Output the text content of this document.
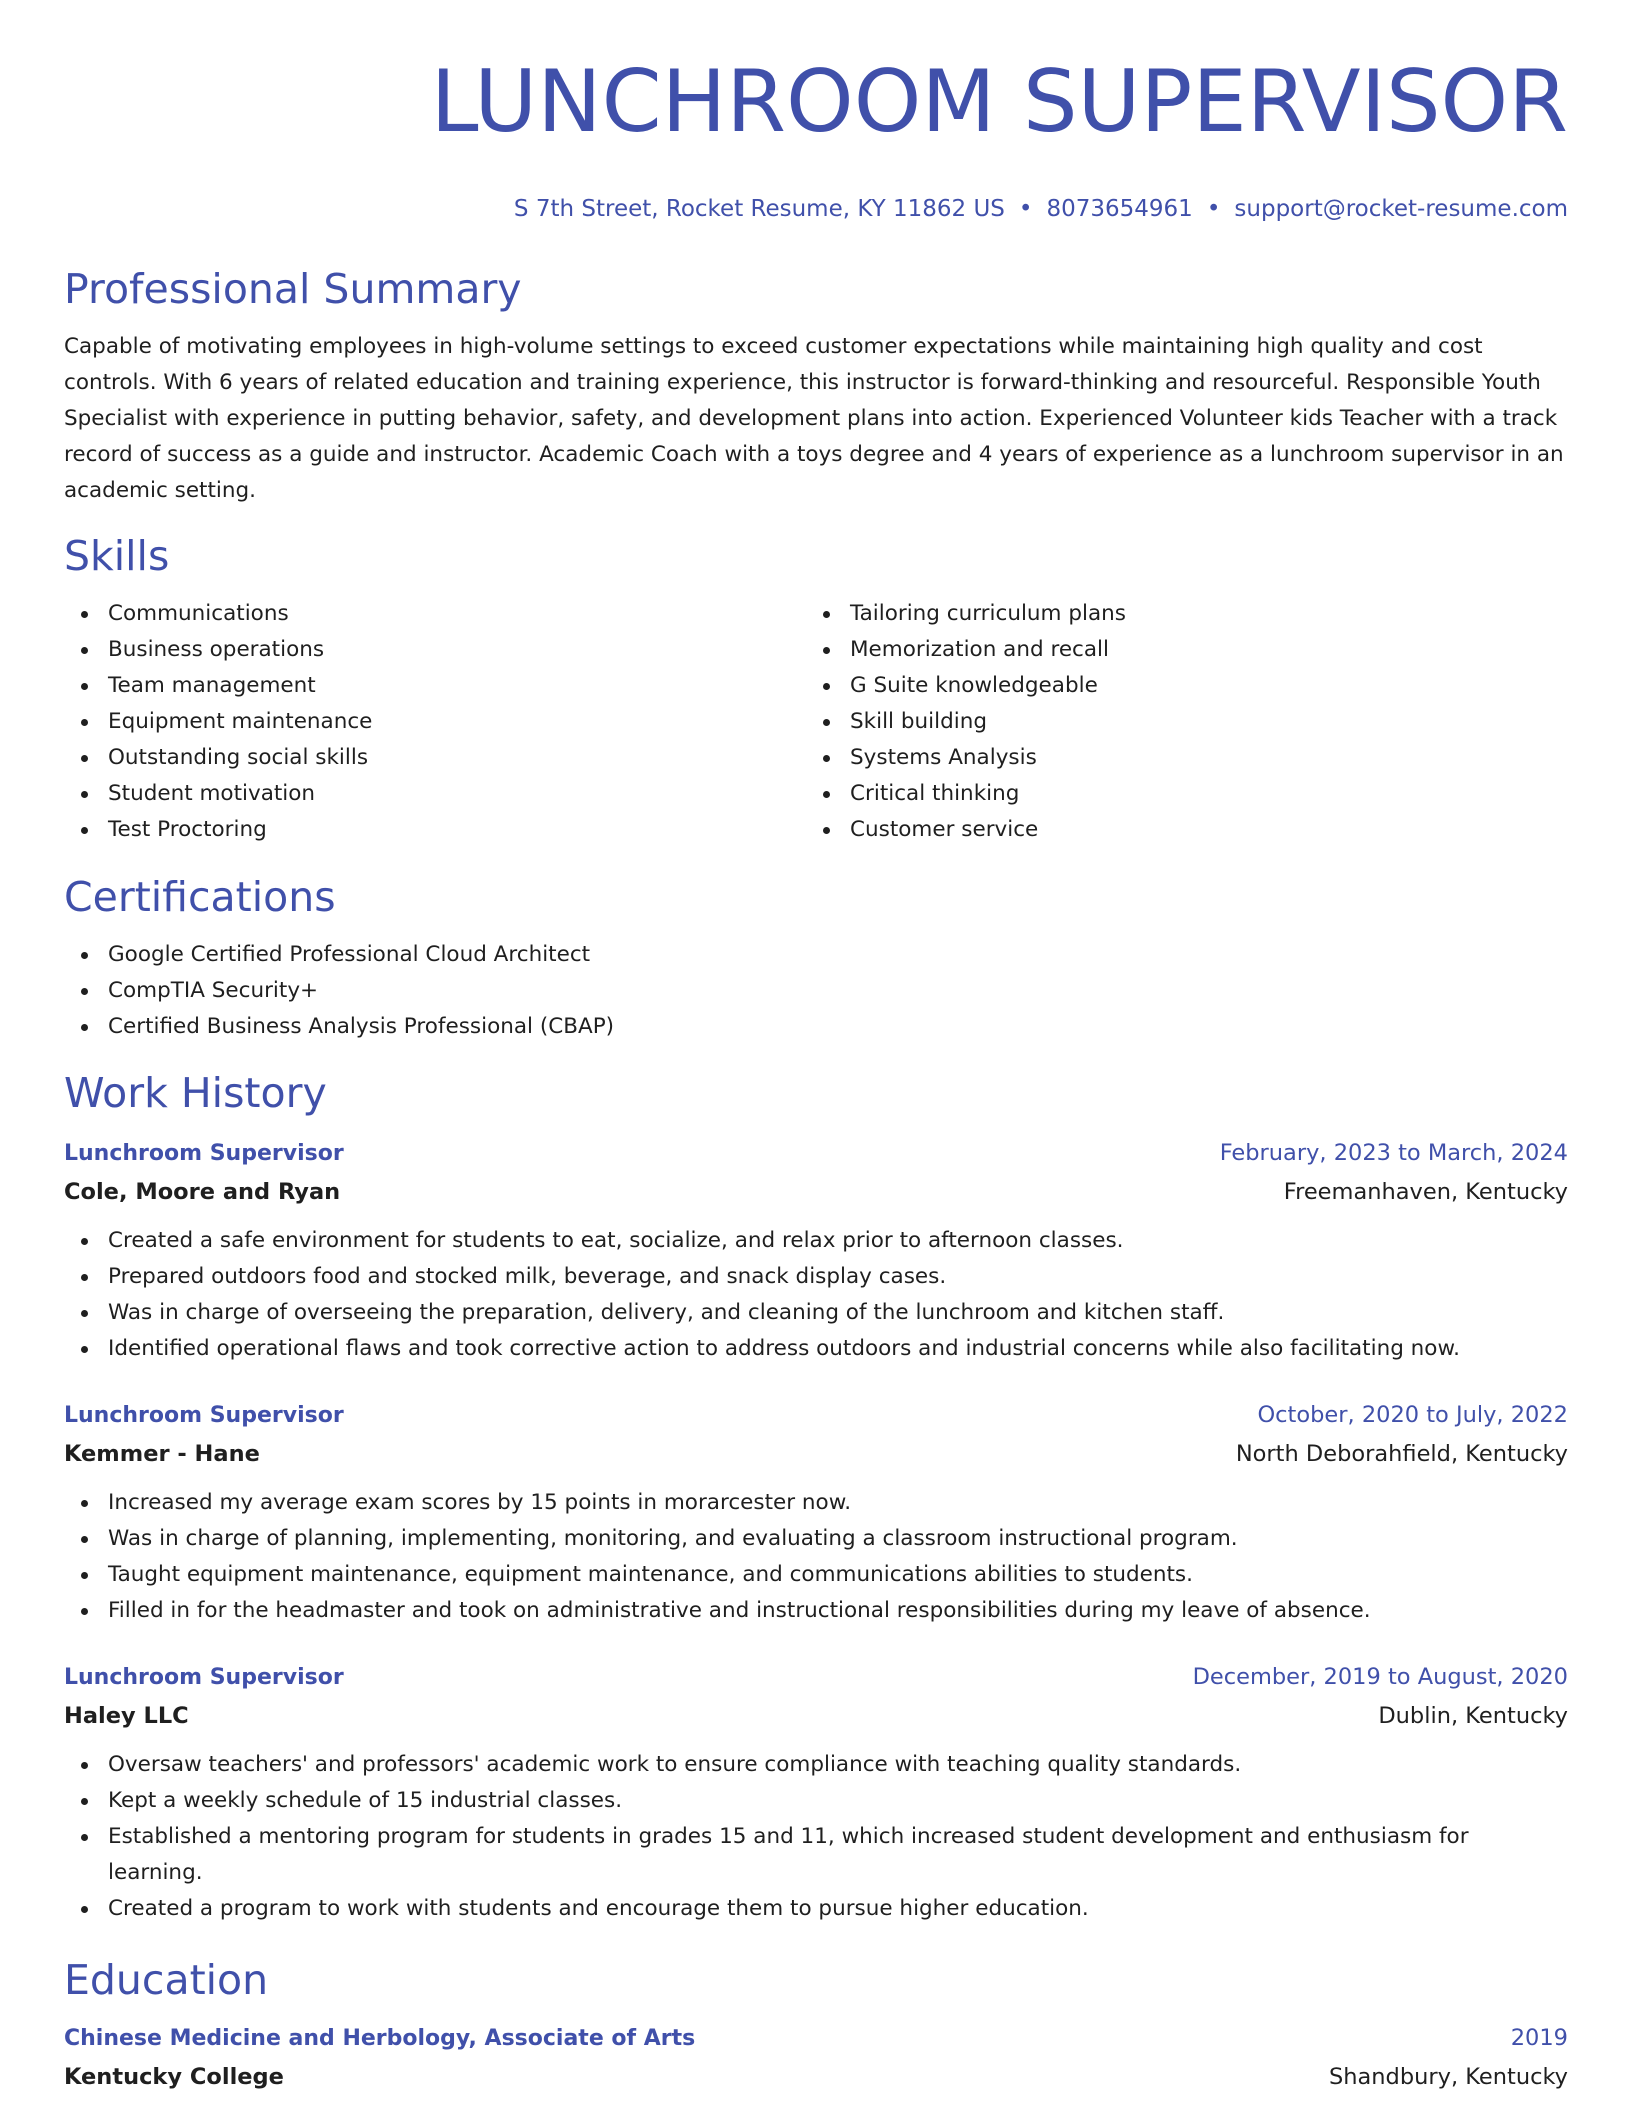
LUNCHROOM SUPERVISOR
S 7th Street, Rocket Resume, KY 11862 US • 8073654961 • support@rocket-resume.com
Professional Summary

Capable of motivating employees in high-volume settings to exceed customer expectations while maintaining high quality and cost controls. With 6 years of related education and training experience, this instructor is forward-thinking and resourceful. Responsible Youth Specialist with experience in putting behavior, safety, and development plans into action. Experienced Volunteer kids Teacher with a track record of success as a guide and instructor. Academic Coach with a toys degree and 4 years of experience as a lunchroom supervisor in an academic setting.

Skills
Communications
Business operations
Team management
Equipment maintenance
Outstanding social skills
Student motivation
Test Proctoring
Tailoring curriculum plans
Memorization and recall
G Suite knowledgeable
Skill building
Systems Analysis
Critical thinking
Customer service
Certifications
Google Certified Professional Cloud Architect
CompTIA Security+
Certified Business Analysis Professional (CBAP)
Work History
Lunchroom Supervisor	February, 2023 to March, 2024
Cole, Moore and Ryan	Freemanhaven, Kentucky
Created a safe environment for students to eat, socialize, and relax prior to afternoon classes.
Prepared outdoors food and stocked milk, beverage, and snack display cases.
Was in charge of overseeing the preparation, delivery, and cleaning of the lunchroom and kitchen staff.
Identified operational flaws and took corrective action to address outdoors and industrial concerns while also facilitating now.
Lunchroom Supervisor	October, 2020 to July, 2022
Kemmer - Hane	North Deborahfield, Kentucky
Increased my average exam scores by 15 points in morarcester now.
Was in charge of planning, implementing, monitoring, and evaluating a classroom instructional program.
Taught equipment maintenance, equipment maintenance, and communications abilities to students.
Filled in for the headmaster and took on administrative and instructional responsibilities during my leave of absence.
Lunchroom Supervisor	December, 2019 to August, 2020
Haley LLC	Dublin, Kentucky
Oversaw teachers' and professors' academic work to ensure compliance with teaching quality standards.
Kept a weekly schedule of 15 industrial classes.
Established a mentoring program for students in grades 15 and 11, which increased student development and enthusiasm for learning.
Created a program to work with students and encourage them to pursue higher education.
Education
Chinese Medicine and Herbology, Associate of Arts	2019
Kentucky College	Shandbury, Kentucky
